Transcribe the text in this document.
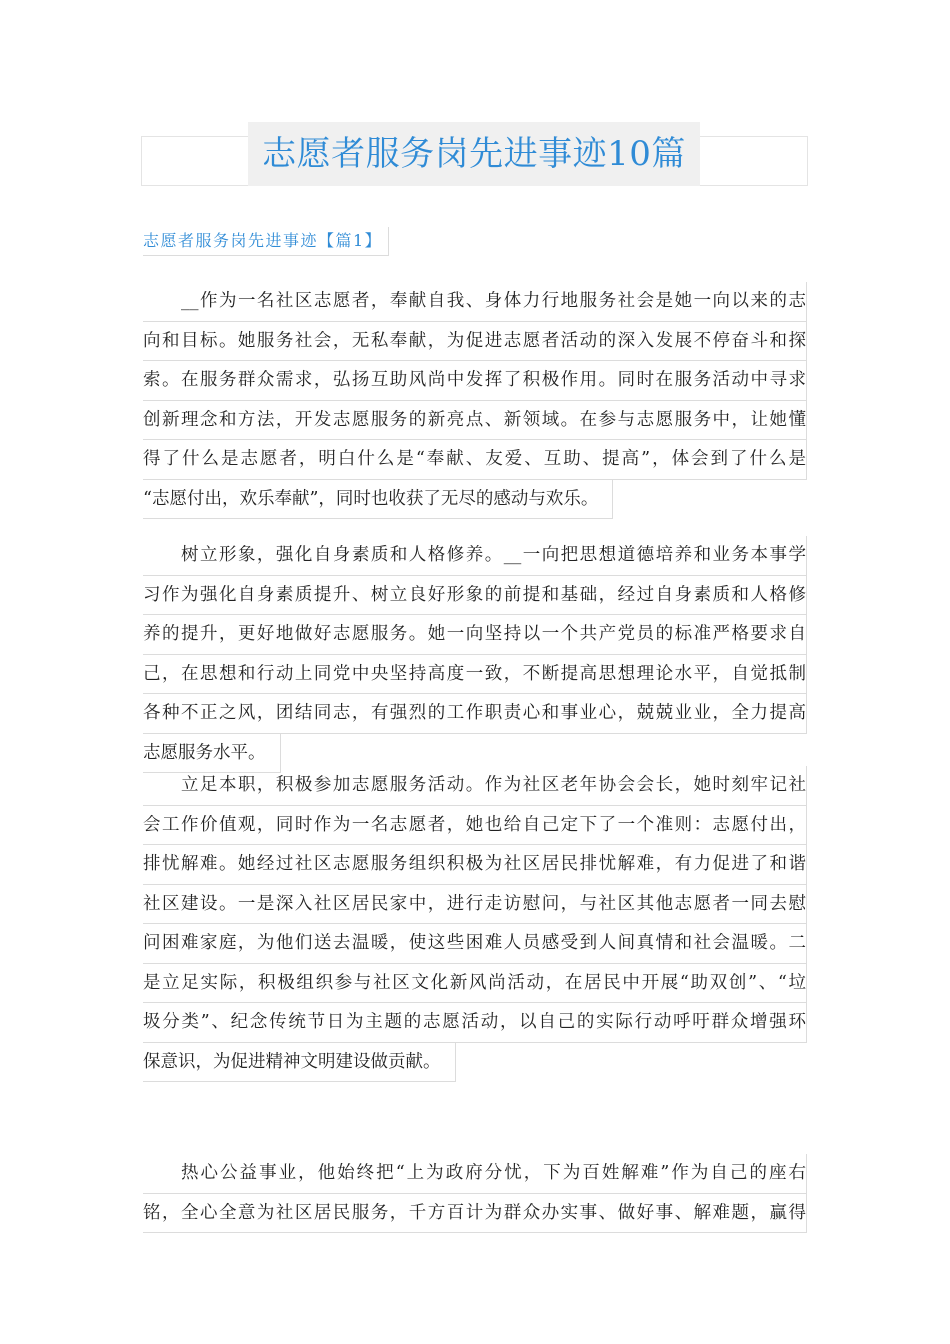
志愿者服务岗先进事迹10篇
志愿者服务岗先进事迹【篇1】
__作为一名社区志愿者，奉献自我、身体力行地服务社会是她一向以来的志
向和目标。她服务社会，无私奉献，为促进志愿者活动的深入发展不停奋斗和探
索。在服务群众需求，弘扬互助风尚中发挥了积极作用。同时在服务活动中寻求
创新理念和方法，开发志愿服务的新亮点、新领域。在参与志愿服务中，让她懂
得了什么是志愿者，明白什么是“奉献、友爱、互助、提高”，体会到了什么是
“志愿付出，欢乐奉献”，同时也收获了无尽的感动与欢乐。
树立形象，强化自身素质和人格修养。__一向把思想道德培养和业务本事学
习作为强化自身素质提升、树立良好形象的前提和基础，经过自身素质和人格修
养的提升，更好地做好志愿服务。她一向坚持以一个共产党员的标准严格要求自
己，在思想和行动上同党中央坚持高度一致，不断提高思想理论水平，自觉抵制
各种不正之风，团结同志，有强烈的工作职责心和事业心，兢兢业业，全力提高
志愿服务水平。
立足本职，积极参加志愿服务活动。作为社区老年协会会长，她时刻牢记社
会工作价值观，同时作为一名志愿者，她也给自己定下了一个准则：志愿付出，
排忧解难。她经过社区志愿服务组织积极为社区居民排忧解难，有力促进了和谐
社区建设。一是深入社区居民家中，进行走访慰问，与社区其他志愿者一同去慰
问困难家庭，为他们送去温暖，使这些困难人员感受到人间真情和社会温暖。二
是立足实际，积极组织参与社区文化新风尚活动，在居民中开展“助双创”、“垃
圾分类”、纪念传统节日为主题的志愿活动，以自己的实际行动呼吁群众增强环
保意识，为促进精神文明建设做贡献。
热心公益事业，他始终把“上为政府分忧，下为百姓解难”作为自己的座右
铭，全心全意为社区居民服务，千方百计为群众办实事、做好事、解难题，赢得
